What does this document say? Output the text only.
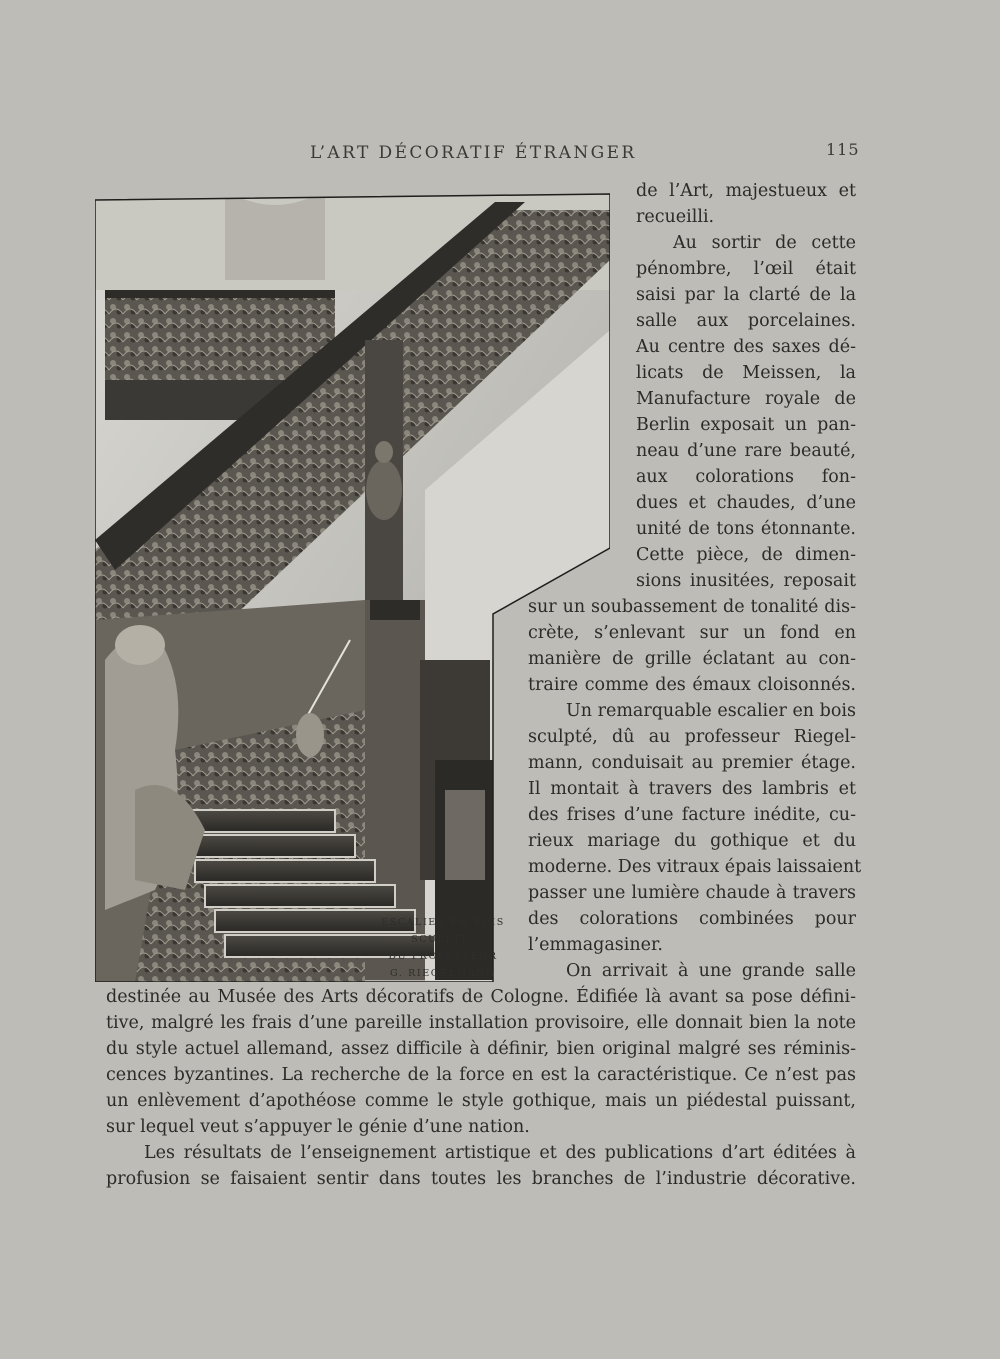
L’ART DÉCORATIF ÉTRANGER	115
ESCALIER EN BOIS
SCULPTÉ,
DU PROFESSEUR
G. RIEGELMANN
de l’Art, majestueux et
recueilli.
Au sortir de cette
pénombre, l’œil était
saisi par la clarté de la
salle aux porcelaines.
Au centre des saxes dé-
licats de Meissen, la
Manufacture royale de
Berlin exposait un pan-
neau d’une rare beauté,
aux colorations fon-
dues et chaudes, d’une
unité de tons étonnante.
Cette pièce, de dimen-
sions inusitées, reposait
sur un soubassement de tonalité dis-
crète, s’enlevant sur un fond en
manière de grille éclatant au con-
traire comme des émaux cloisonnés.
Un remarquable escalier en bois
sculpté, dû au professeur Riegel-
mann, conduisait au premier étage.
Il montait à travers des lambris et
des frises d’une facture inédite, cu-
rieux mariage du gothique et du
moderne. Des vitraux épais laissaient
passer une lumière chaude à travers
des colorations combinées pour
l’emmagasiner.
On arrivait à une grande salle
destinée au Musée des Arts décoratifs de Cologne. Édifiée là avant sa pose défini-
tive, malgré les frais d’une pareille installation provisoire, elle donnait bien la note
du style actuel allemand, assez difficile à définir, bien original malgré ses réminis-
cences byzantines. La recherche de la force en est la caractéristique. Ce n’est pas
un enlèvement d’apothéose comme le style gothique, mais un piédestal puissant,
sur lequel veut s’appuyer le génie d’une nation.
Les résultats de l’enseignement artistique et des publications d’art éditées à
profusion se faisaient sentir dans toutes les branches de l’industrie décorative.
